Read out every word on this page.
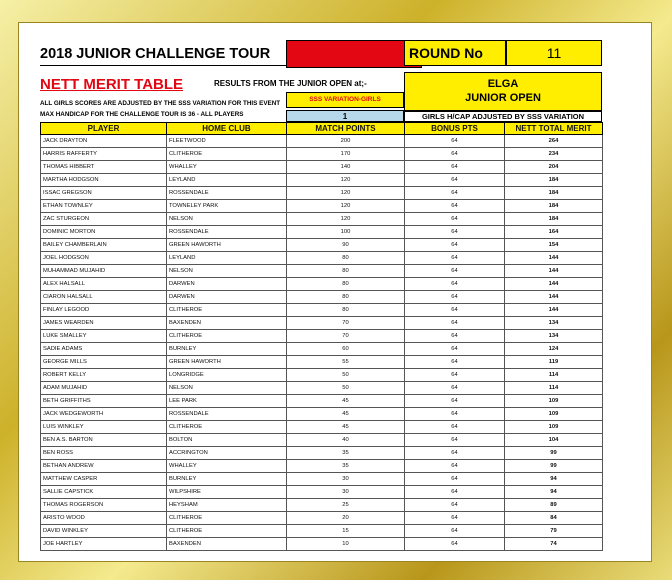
2018 JUNIOR CHALLENGE TOUR	ROUND No	11
NETT MERIT TABLE	RESULTS FROM THE JUNIOR OPEN at;-	ELGA
JUNIOR OPEN
ALL GIRLS SCORES ARE ADJUSTED BY THE SSS VARIATION FOR THIS EVENT
SSS VARIATION-GIRLS
MAX HANDICAP FOR THE CHALLENGE TOUR IS 36 - ALL PLAYERS	1	GIRLS H/CAP ADJUSTED BY SSS VARIATION
PLAYER	HOME CLUB	MATCH POINTS	BONUS PTS	NETT TOTAL MERIT
JACK DRAYTON	FLEETWOOD	200	64	264
HARRIS RAFFERTY	CLITHEROE	170	64	234
THOMAS HIBBERT	WHALLEY	140	64	204
MARTHA HODGSON	LEYLAND	120	64	184
ISSAC GREGSON	ROSSENDALE	120	64	184
ETHAN TOWNLEY	TOWNELEY PARK	120	64	184
ZAC STURGEON	NELSON	120	64	184
DOMINIC MORTON	ROSSENDALE	100	64	164
BAILEY CHAMBERLAIN	GREEN HAWORTH	90	64	154
JOEL HODGSON	LEYLAND	80	64	144
MUHAMMAD MUJAHID	NELSON	80	64	144
ALEX HALSALL	DARWEN	80	64	144
CIARON HALSALL	DARWEN	80	64	144
FINLAY LEGOOD	CLITHEROE	80	64	144
JAMES WEARDEN	BAXENDEN	70	64	134
LUKE SMALLEY	CLITHEROE	70	64	134
SADIE ADAMS	BURNLEY	60	64	124
GEORGE MILLS	GREEN HAWORTH	55	64	119
ROBERT KELLY	LONGRIDGE	50	64	114
ADAM MUJAHID	NELSON	50	64	114
BETH GRIFFITHS	LEE PARK	45	64	109
JACK WEDGEWORTH	ROSSENDALE	45	64	109
LUIS WINKLEY	CLITHEROE	45	64	109
BEN A.S. BARTON	BOLTON	40	64	104
BEN ROSS	ACCRINGTON	35	64	99
BETHAN ANDREW	WHALLEY	35	64	99
MATTHEW CASPER	BURNLEY	30	64	94
SALLIE CAPSTICK	WILPSHIRE	30	64	94
THOMAS ROGERSON	HEYSHAM	25	64	89
ARISTO WOOD	CLITHEROE	20	64	84
DAVID WINKLEY	CLITHEROE	15	64	79
JOE HARTLEY	BAXENDEN	10	64	74
